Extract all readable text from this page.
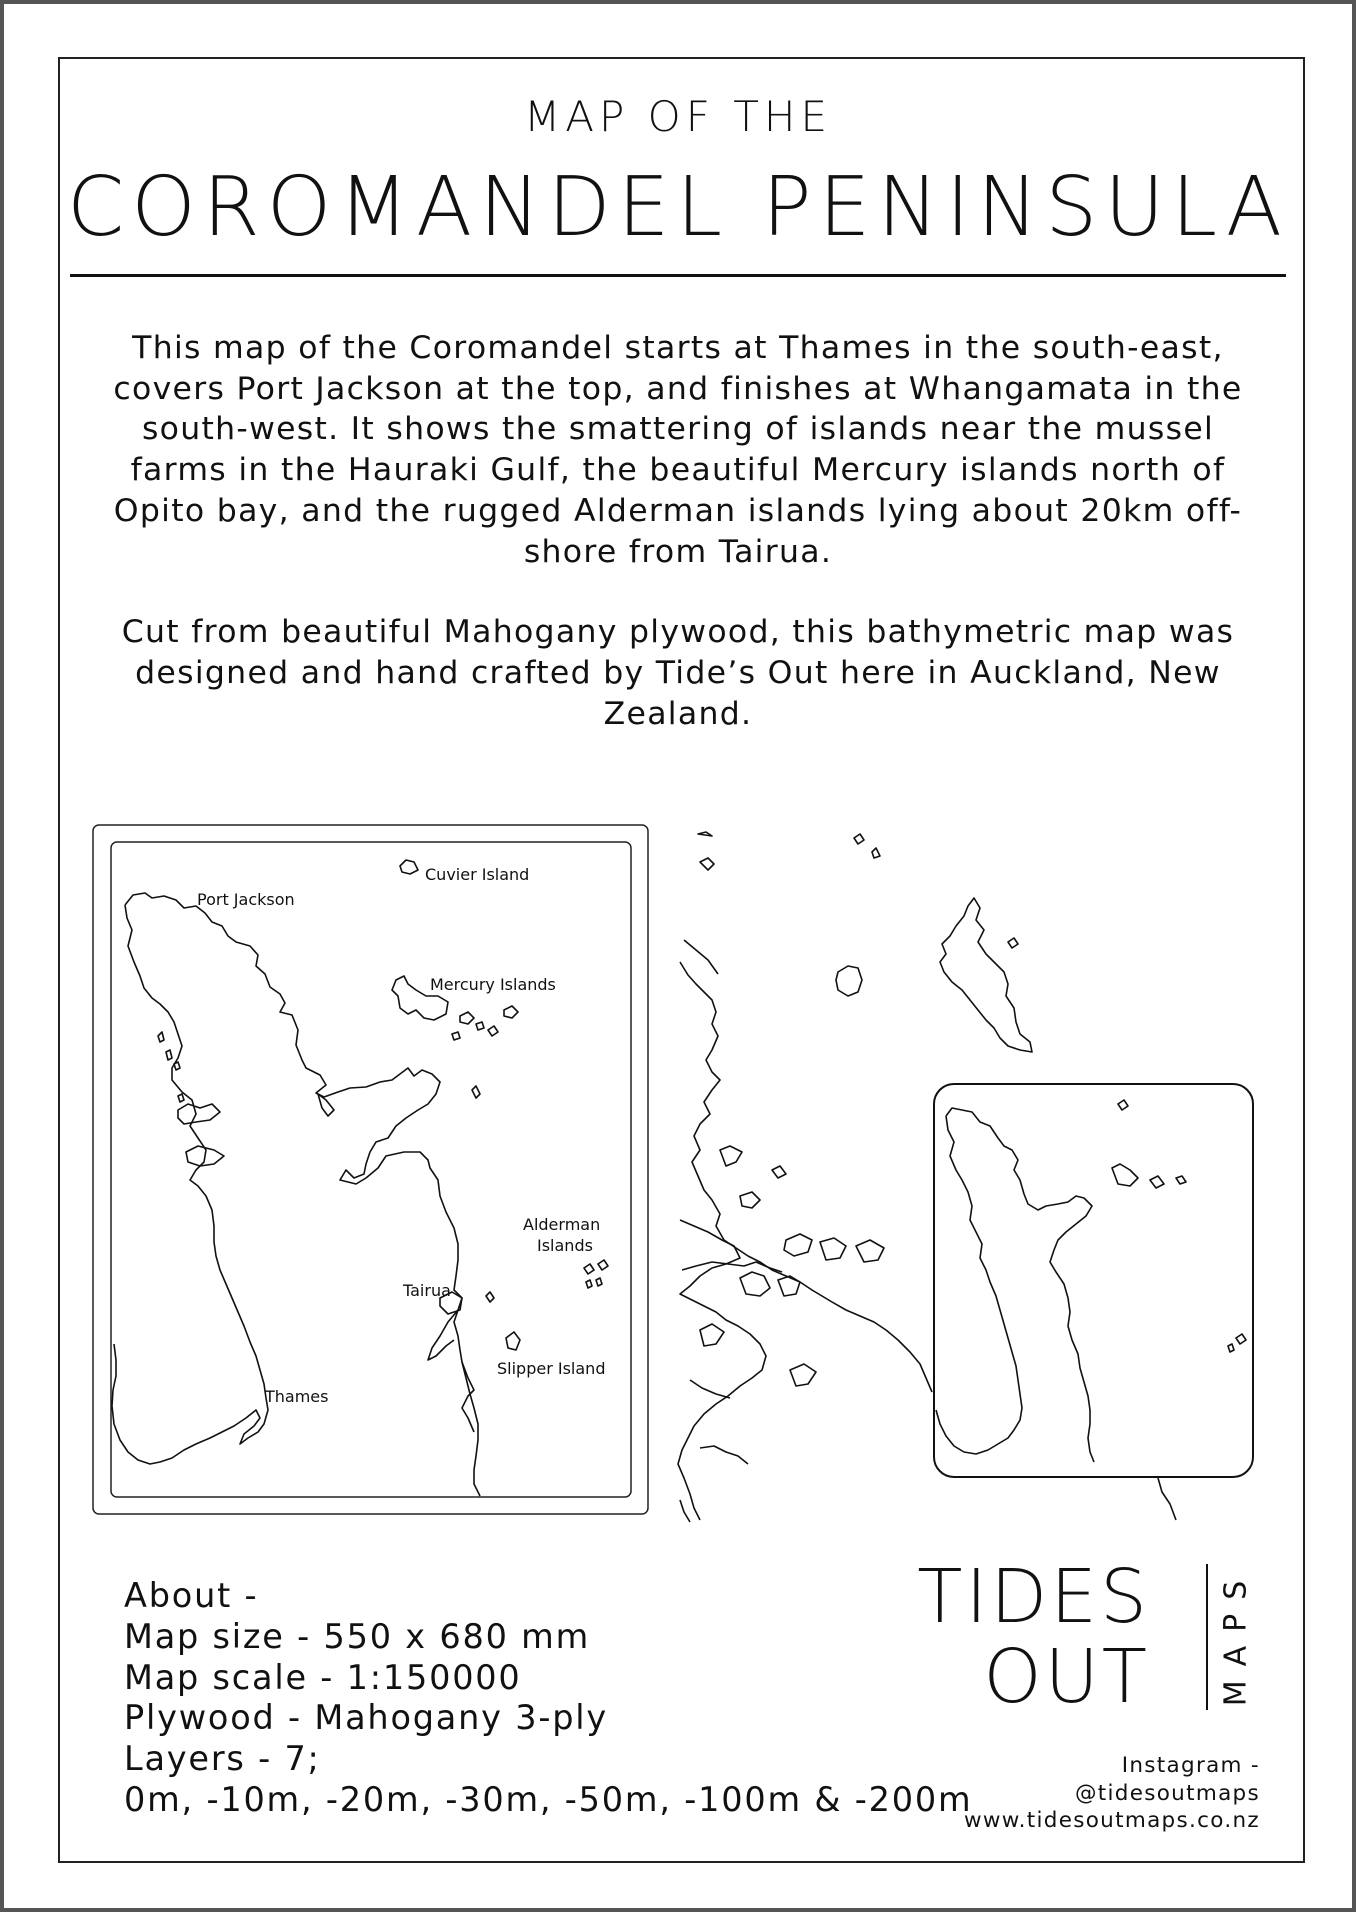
MAP OF THE
COROMANDEL PENINSULA

This map of the Coromandel starts at Thames in the south-east, covers Port Jackson at the top, and finishes at Whangamata in the south-west. It shows the smattering of islands near the mussel farms in the Hauraki Gulf, the beautiful Mercury islands north of Opito bay, and the rugged Alderman islands lying about 20km off-shore from Tairua.

Cut from beautiful Mahogany plywood, this bathymetric map was designed and hand crafted by Tide’s Out here in Auckland, New Zealand.

Cuvier Island
Port Jackson
Mercury Islands
Alderman
Islands
Tairua
Slipper Island
Thames
About -
Map size - 550 x 680 mm
Map scale - 1:150000
Plywood - Mahogany 3-ply
Layers - 7;
0m, -10m, -20m, -30m, -50m, -100m & -200m
TIDES
OUT MAPS
Instagram -
@tidesoutmaps
www.tidesoutmaps.co.nz
